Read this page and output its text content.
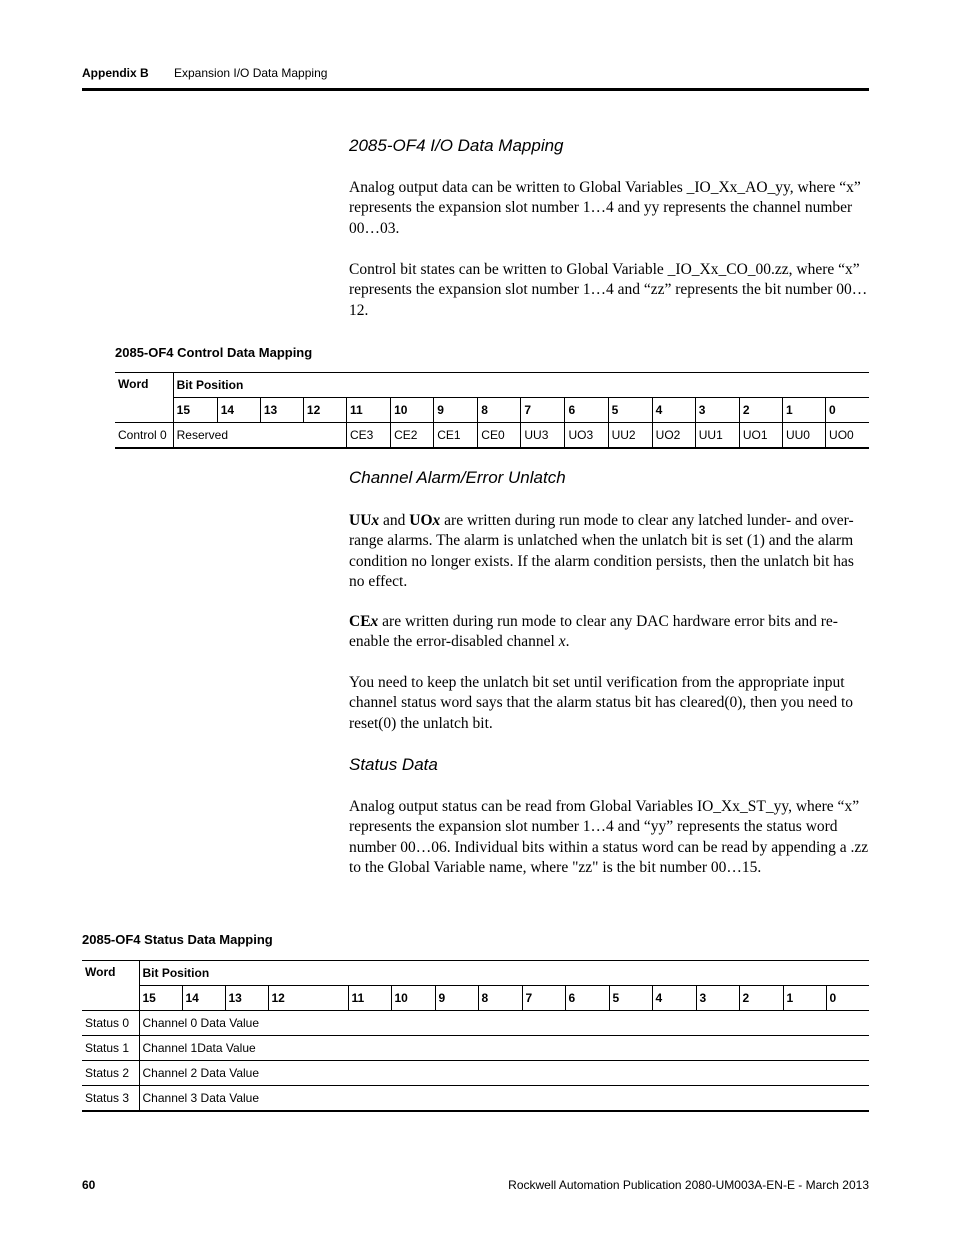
Appendix B Expansion I/O Data Mapping
2085-OF4 I/O Data Mapping
Analog output data can be written to Global Variables _IO_Xx_AO_yy, where “x” represents the expansion slot number 1…4 and yy represents the channel number 00…03.
Control bit states can be written to Global Variable _IO_Xx_CO_00.zz, where “x” represents the expansion slot number 1…4 and “zz” represents the bit number 00…12.
2085-OF4 Control Data Mapping
Word	Bit Position															
	15	14	13	12	11	10	9	8	7	6	5	4	3	2	1	0
Control 0	Reserved				CE3	CE2	CE1	CE0	UU3	UO3	UU2	UO2	UU1	UO1	UU0	UO0
Channel Alarm/Error Unlatch
UUx and UOx are written during run mode to clear any latched lunder- and over-range alarms. The alarm is unlatched when the unlatch bit is set (1) and the alarm condition no longer exists. If the alarm condition persists, then the unlatch bit has no effect.
CEx are written during run mode to clear any DAC hardware error bits and re-enable the error-disabled channel x.
You need to keep the unlatch bit set until verification from the appropriate input channel status word says that the alarm status bit has cleared(0), then you need to reset(0) the unlatch bit.
Status Data
Analog output status can be read from Global Variables IO_Xx_ST_yy, where “x” represents the expansion slot number 1…4 and “yy” represents the status word number 00…06. Individual bits within a status word can be read by appending a .zz to the Global Variable name, where "zz" is the bit number 00…15.
2085-OF4 Status Data Mapping
Word	Bit Position															
	15	14	13	12	11	10	9	8	7	6	5	4	3	2	1	0
Status 0	Channel 0 Data Value															
Status 1	Channel 1Data Value															
Status 2	Channel 2 Data Value															
Status 3	Channel 3 Data Value															
60	Rockwell Automation Publication 2080-UM003A-EN-E - March 2013
